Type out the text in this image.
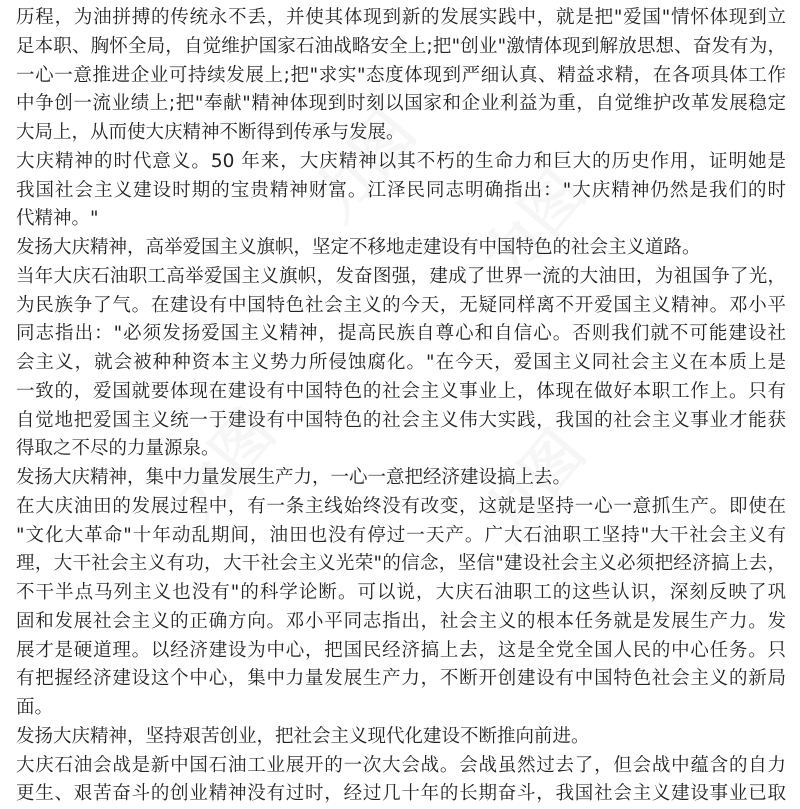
历程，为油拼搏的传统永不丢，并使其体现到新的发展实践中，就是把"爱国"情怀体现到立
足本职、胸怀全局，自觉维护国家石油战略安全上;把"创业"激情体现到解放思想、奋发有为，
一心一意推进企业可持续发展上;把"求实"态度体现到严细认真、精益求精，在各项具体工作
中争创一流业绩上;把"奉献"精神体现到时刻以国家和企业利益为重，自觉维护改革发展稳定
大局上，从而使大庆精神不断得到传承与发展。
大庆精神的时代意义。50 年来，大庆精神以其不朽的生命力和巨大的历史作用，证明她是
我国社会主义建设时期的宝贵精神财富。江泽民同志明确指出："大庆精神仍然是我们的时
代精神。"
发扬大庆精神，高举爱国主义旗帜，坚定不移地走建设有中国特色的社会主义道路。
当年大庆石油职工高举爱国主义旗帜，发奋图强，建成了世界一流的大油田，为祖国争了光，
为民族争了气。在建设有中国特色社会主义的今天，无疑同样离不开爱国主义精神。邓小平
同志指出："必须发扬爱国主义精神，提高民族自尊心和自信心。否则我们就不可能建设社
会主义，就会被种种资本主义势力所侵蚀腐化。"在今天，爱国主义同社会主义在本质上是
一致的，爱国就要体现在建设有中国特色的社会主义事业上，体现在做好本职工作上。只有
自觉地把爱国主义统一于建设有中国特色的社会主义伟大实践，我国的社会主义事业才能获
得取之不尽的力量源泉。
发扬大庆精神，集中力量发展生产力，一心一意把经济建设搞上去。
在大庆油田的发展过程中，有一条主线始终没有改变，这就是坚持一心一意抓生产。即使在
"文化大革命"十年动乱期间，油田也没有停过一天产。广大石油职工坚持"大干社会主义有
理，大干社会主义有功，大干社会主义光荣"的信念，坚信"建设社会主义必须把经济搞上去，
不干半点马列主义也没有"的科学论断。可以说，大庆石油职工的这些认识，深刻反映了巩
固和发展社会主义的正确方向。邓小平同志指出，社会主义的根本任务就是发展生产力。发
展才是硬道理。以经济建设为中心，把国民经济搞上去，这是全党全国人民的中心任务。只
有把握经济建设这个中心，集中力量发展生产力，不断开创建设有中国特色社会主义的新局
面。
发扬大庆精神，坚持艰苦创业，把社会主义现代化建设不断推向前进。
大庆石油会战是新中国石油工业展开的一次大会战。会战虽然过去了，但会战中蕴含的自力
更生、艰苦奋斗的创业精神没有过时，经过几十年的长期奋斗，我国社会主义建设事业已取
